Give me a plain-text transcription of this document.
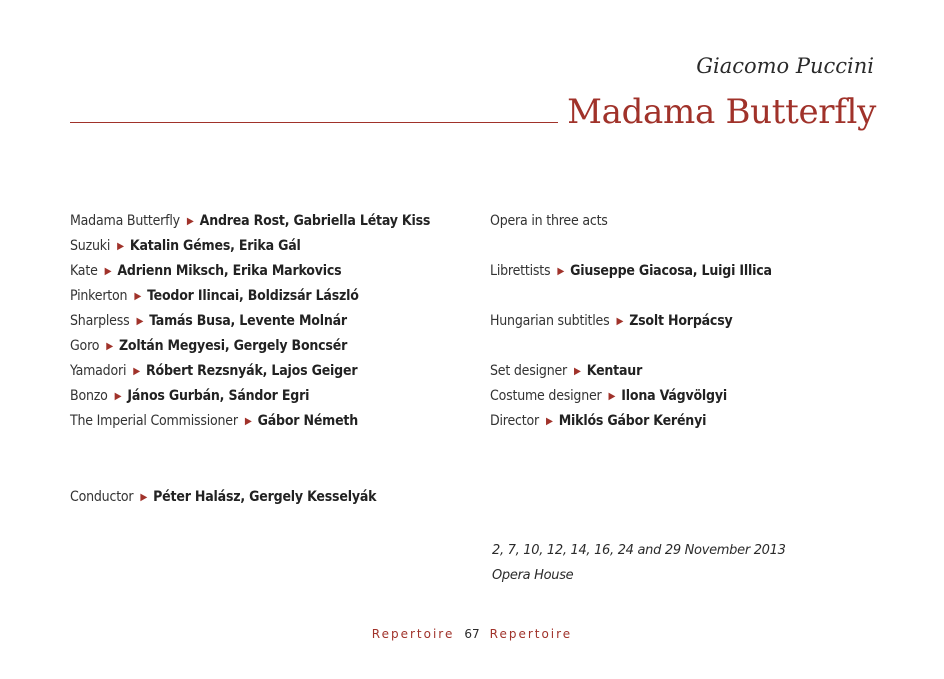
Giacomo Puccini
Madama Butterfly
Madama Butterfly ▶ Andrea Rost, Gabriella Létay Kiss
Suzuki ▶ Katalin Gémes, Erika Gál
Kate ▶ Adrienn Miksch, Erika Markovics
Pinkerton ▶ Teodor Ilincai, Boldizsár László
Sharpless ▶ Tamás Busa, Levente Molnár
Goro ▶ Zoltán Megyesi, Gergely Boncsér
Yamadori ▶ Róbert Rezsnyák, Lajos Geiger
Bonzo ▶ János Gurbán, Sándor Egri
The Imperial Commissioner ▶ Gábor Németh
Opera in three acts
Librettists ▶ Giuseppe Giacosa, Luigi Illica
Hungarian subtitles ▶ Zsolt Horpácsy
Set designer ▶ Kentaur
Costume designer ▶ Ilona Vágvölgyi
Director ▶ Miklós Gábor Kerényi
Conductor ▶ Péter Halász, Gergely Kesselyák
2, 7, 10, 12, 14, 16, 24 and 29 November 2013
Opera House
Repertoire 67 Repertoire
